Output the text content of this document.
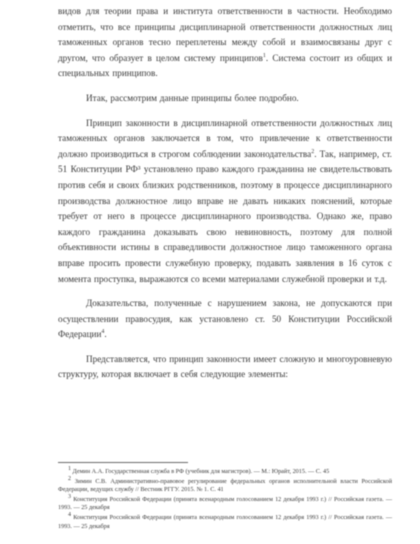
видов для теории права и института ответственности в частности. Необходимо отметить, что все принципы дисциплинарной ответственности должностных лиц таможенных органов тесно переплетены между собой и взаимосвязаны друг с другом, что образует в целом систему принципов$^1$. Система состоит из общих и специальных принципов.

Итак, рассмотрим данные принципы более подробно.

Принцип законности в дисциплинарной ответственности должностных лиц таможенных органов заключается в том, что привлечение к ответственности должно производиться в строгом соблюдении законодательства$^2$. Так, например, ст. 51 Конституции РФ³ установлено право каждого гражданина не свидетельствовать против себя и своих близких родственников, поэтому в процессе дисциплинарного производства должностное лицо вправе не давать никаких пояснений, которые требует от него в процессе дисциплинарного производства. Однако же, право каждого гражданина доказывать свою невиновность, поэтому для полной объективности истины в справедливости должностное лицо таможенного органа вправе просить провести служебную проверку, подавать заявления в 16 суток с момента проступка, выражаются со всеми материалами служебной проверки и т.д.

Доказательства, полученные с нарушением закона, не допускаются при осуществлении правосудия, как установлено ст. 50 Конституции Российской Федерации$^4$.

Представляется, что принцип законности имеет сложную и многоуровневую структуру, которая включает в себя следующие элементы:

$^1$ Демин А.А. Государственная служба в РФ (учебник для магистров). — М.: Юрайт, 2015. — С. 45

$^2$ Зимин С.В. Административно-правовое регулирование федеральных органов исполнительной власти Российской Федерации, ведущих службу // Вестник РГГУ. 2015. № 1. С. 41

$^3$ Конституция Российской Федерации (принята всенародным голосованием 12 декабря 1993 г.) // Российская газета. — 1993. — 25 декабря

$^4$ Конституция Российской Федерации (принята всенародным голосованием 12 декабря 1993 г.) // Российская газета. — 1993. — 25 декабря
